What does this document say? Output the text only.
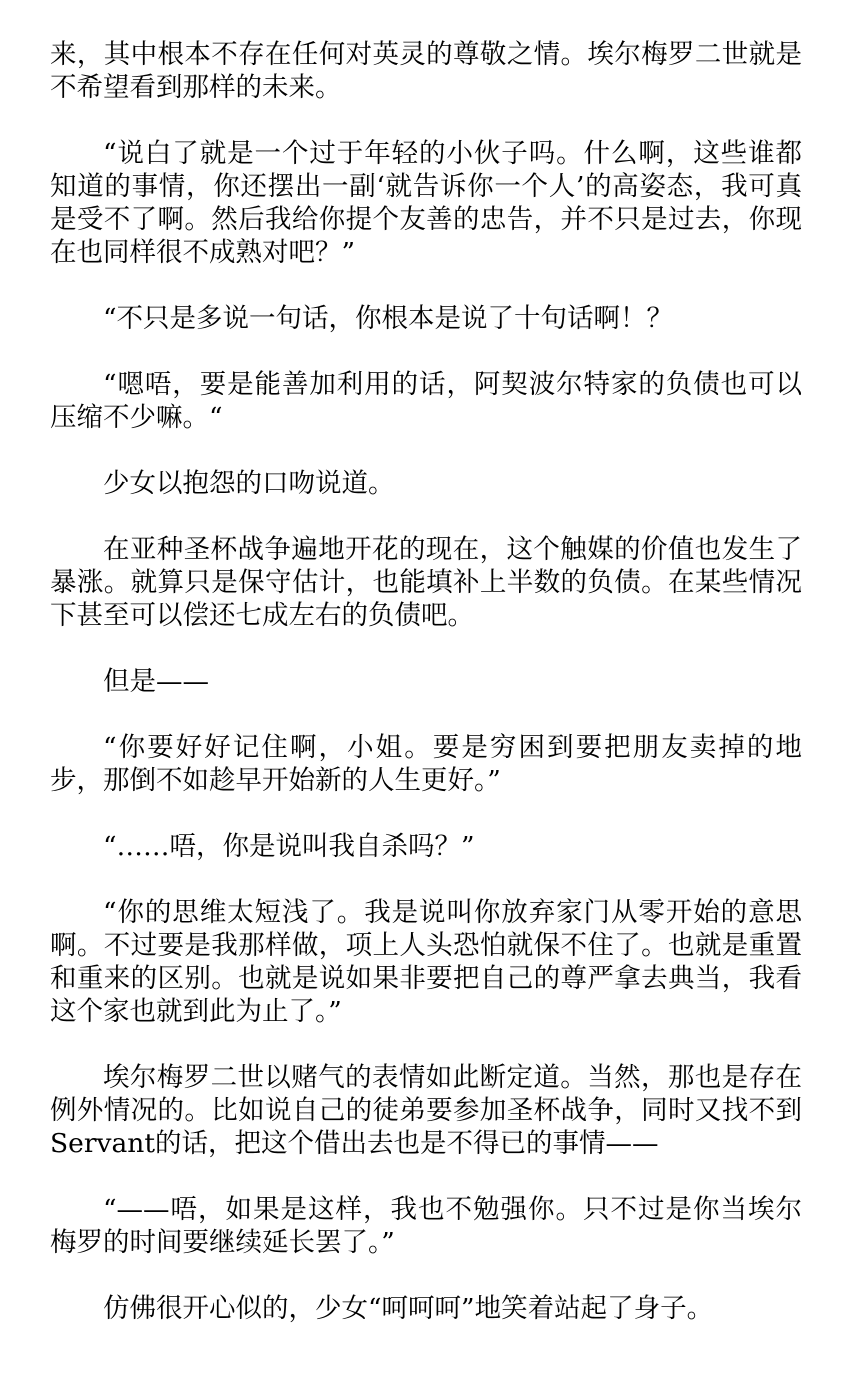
来，其中根本不存在任何对英灵的尊敬之情。埃尔梅罗二世就是不希望看到那样的未来。

“说白了就是一个过于年轻的小伙子吗。什么啊，这些谁都知道的事情，你还摆出一副‘就告诉你一个人’的高姿态，我可真是受不了啊。然后我给你提个友善的忠告，并不只是过去，你现在也同样很不成熟对吧？”

“不只是多说一句话，你根本是说了十句话啊！？

“嗯唔，要是能善加利用的话，阿契波尔特家的负债也可以压缩不少嘛。“

少女以抱怨的口吻说道。

在亚种圣杯战争遍地开花的现在，这个触媒的价值也发生了暴涨。就算只是保守估计，也能填补上半数的负债。在某些情况下甚至可以偿还七成左右的负债吧。

但是——

“你要好好记住啊，小姐。要是穷困到要把朋友卖掉的地步，那倒不如趁早开始新的人生更好。”

“……唔，你是说叫我自杀吗？”

“你的思维太短浅了。我是说叫你放弃家门从零开始的意思啊。不过要是我那样做，项上人头恐怕就保不住了。也就是重置和重来的区别。也就是说如果非要把自己的尊严拿去典当，我看这个家也就到此为止了。”

埃尔梅罗二世以赌气的表情如此断定道。当然，那也是存在例外情况的。比如说自己的徒弟要参加圣杯战争，同时又找不到Servant的话，把这个借出去也是不得已的事情——

“——唔，如果是这样，我也不勉强你。只不过是你当埃尔梅罗的时间要继续延长罢了。”

仿佛很开心似的，少女“呵呵呵”地笑着站起了身子。
